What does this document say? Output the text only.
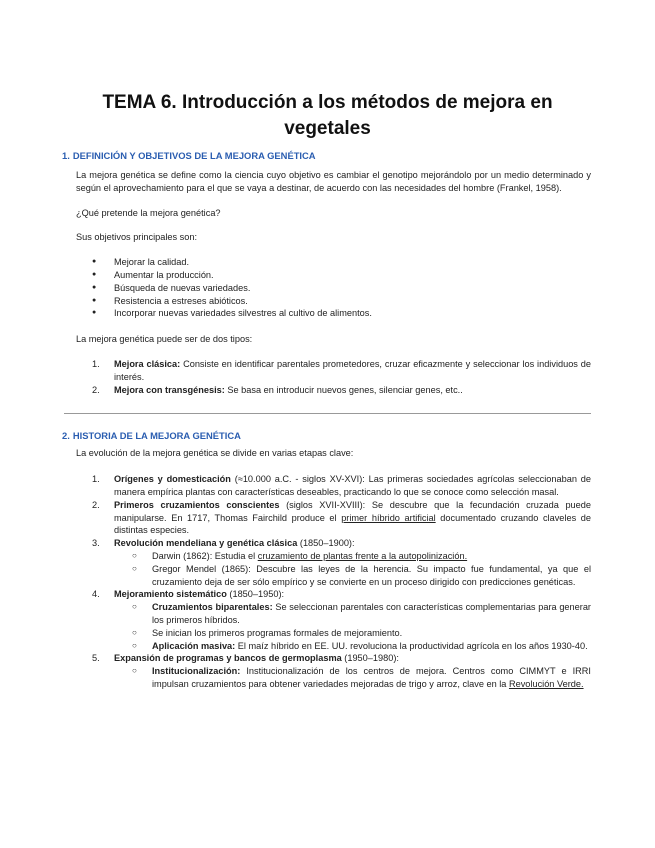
TEMA 6. Introducción a los métodos de mejora en vegetales
1. DEFINICIÓN Y OBJETIVOS DE LA MEJORA GENÉTICA

La mejora genética se define como la ciencia cuyo objetivo es cambiar el genotipo mejorándolo por un medio determinado y según el aprovechamiento para el que se vaya a destinar, de acuerdo con las necesidades del hombre (Frankel, 1958).

¿Qué pretende la mejora genética?

Sus objetivos principales son:

● Mejorar la calidad.
● Aumentar la producción.
● Búsqueda de nuevas variedades.
● Resistencia a estreses abióticos.
● Incorporar nuevas variedades silvestres al cultivo de alimentos.

La mejora genética puede ser de dos tipos:

1. Mejora clásica: Consiste en identificar parentales prometedores, cruzar eficazmente y seleccionar los individuos de interés.
2. Mejora con transgénesis: Se basa en introducir nuevos genes, silenciar genes, etc..
2. HISTORIA DE LA MEJORA GENÉTICA

La evolución de la mejora genética se divide en varias etapas clave:

1. Orígenes y domesticación (≈10.000 a.C. - siglos XV-XVI): Las primeras sociedades agrícolas seleccionaban de manera empírica plantas con características deseables, practicando lo que se conoce como selección masal.
2. Primeros cruzamientos conscientes (siglos XVII-XVIII): Se descubre que la fecundación cruzada puede manipularse. En 1717, Thomas Fairchild produce el primer híbrido artificial documentado cruzando claveles de distintas especies.
3. Revolución mendeliana y genética clásica (1850–1900):
○ Darwin (1862): Estudia el cruzamiento de plantas frente a la autopolinización.
○ Gregor Mendel (1865): Descubre las leyes de la herencia. Su impacto fue fundamental, ya que el cruzamiento deja de ser sólo empírico y se convierte en un proceso dirigido con predicciones genéticas.
4. Mejoramiento sistemático (1850–1950):
○ Cruzamientos biparentales: Se seleccionan parentales con características complementarias para generar los primeros híbridos.
○ Se inician los primeros programas formales de mejoramiento.
○ Aplicación masiva: El maíz híbrido en EE. UU. revoluciona la productividad agrícola en los años 1930-40.
5. Expansión de programas y bancos de germoplasma (1950–1980):
○ Institucionalización: Institucionalización de los centros de mejora. Centros como CIMMYT e IRRI impulsan cruzamientos para obtener variedades mejoradas de trigo y arroz, clave en la Revolución Verde.
